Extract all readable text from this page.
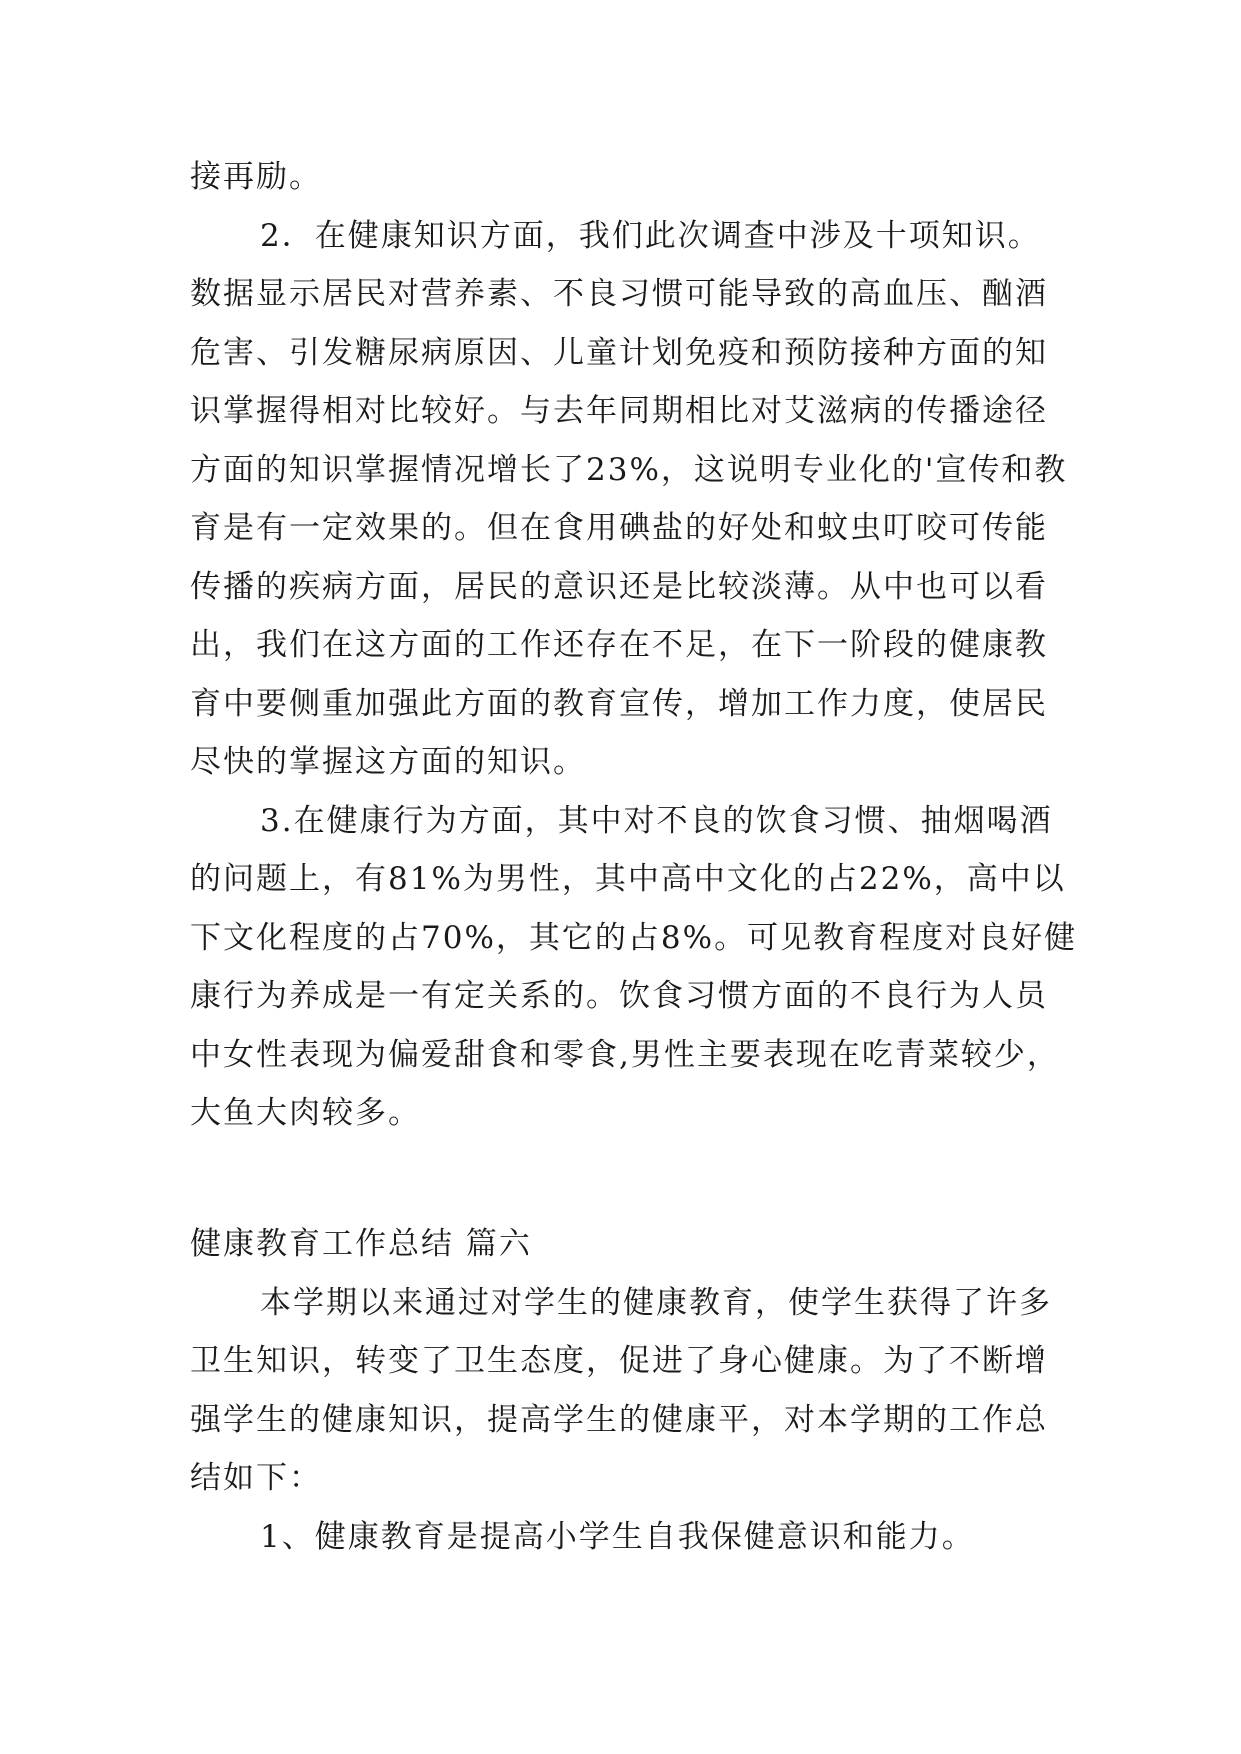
接再励。
2．在健康知识方面，我们此次调查中涉及十项知识。
数据显示居民对营养素、不良习惯可能导致的高血压、酗酒
危害、引发糖尿病原因、儿童计划免疫和预防接种方面的知
识掌握得相对比较好。与去年同期相比对艾滋病的传播途径
方面的知识掌握情况增长了23%，这说明专业化的'宣传和教
育是有一定效果的。但在食用碘盐的好处和蚊虫叮咬可传能
传播的疾病方面，居民的意识还是比较淡薄。从中也可以看
出，我们在这方面的工作还存在不足，在下一阶段的健康教
育中要侧重加强此方面的教育宣传，增加工作力度，使居民
尽快的掌握这方面的知识。
3.在健康行为方面，其中对不良的饮食习惯、抽烟喝酒
的问题上，有81%为男性，其中高中文化的占22%，高中以
下文化程度的占70%，其它的占8%。可见教育程度对良好健
康行为养成是一有定关系的。饮食习惯方面的不良行为人员
中女性表现为偏爱甜食和零食,男性主要表现在吃青菜较少，
大鱼大肉较多。
健康教育工作总结 篇六
本学期以来通过对学生的健康教育，使学生获得了许多
卫生知识，转变了卫生态度，促进了身心健康。为了不断增
强学生的健康知识，提高学生的健康平，对本学期的工作总
结如下：
1、健康教育是提高小学生自我保健意识和能力。
